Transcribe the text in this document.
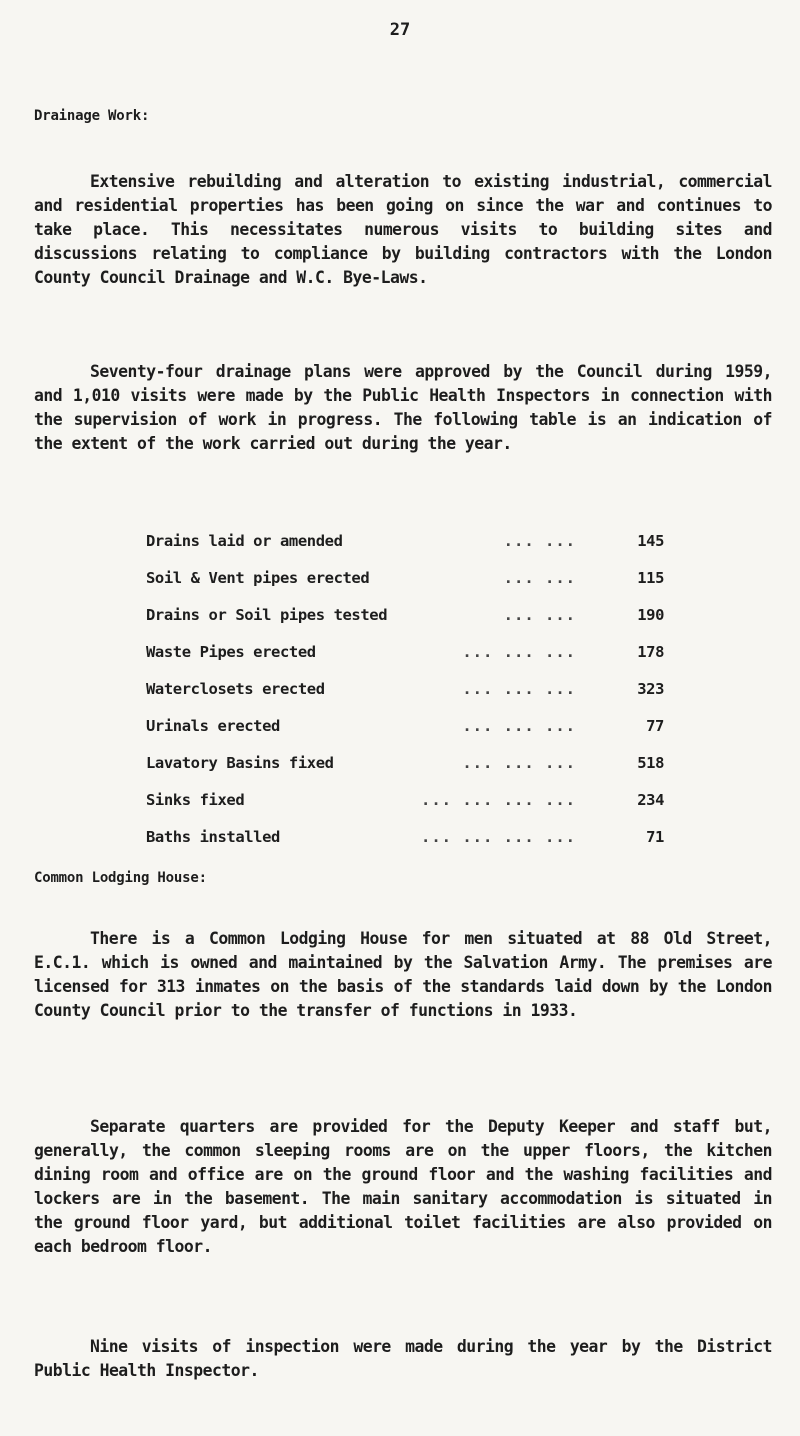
27
Drainage Work:

Extensive rebuilding and alteration to existing industrial, commercial and residential properties has been going on since the war and continues to take place. This necessitates numerous visits to building sites and discussions relating to compliance by building contractors with the London County Council Drainage and W.C. Bye-Laws.

Seventy-four drainage plans were approved by the Council during 1959, and 1,010 visits were made by the Public Health Inspectors in connection with the supervision of work in progress. The following table is an indication of the extent of the work carried out during the year.

Drains laid or amended	... ...	145
Soil & Vent pipes erected	... ...	115
Drains or Soil pipes tested	... ...	190
Waste Pipes erected	... ... ...	178
Waterclosets erected	... ... ...	323
Urinals erected	... ... ...	77
Lavatory Basins fixed	... ... ...	518
Sinks fixed	... ... ... ...	234
Baths installed	... ... ... ...	71
Common Lodging House:

There is a Common Lodging House for men situated at 88 Old Street, E.C.1. which is owned and maintained by the Salvation Army. The premises are licensed for 313 inmates on the basis of the standards laid down by the London County Council prior to the transfer of functions in 1933.

Separate quarters are provided for the Deputy Keeper and staff but, generally, the common sleeping rooms are on the upper floors, the kitchen dining room and office are on the ground floor and the washing facilities and lockers are in the basement. The main sanitary accommodation is situated in the ground floor yard, but additional toilet facilities are also provided on each bedroom floor.

Nine visits of inspection were made during the year by the District Public Health Inspector.
